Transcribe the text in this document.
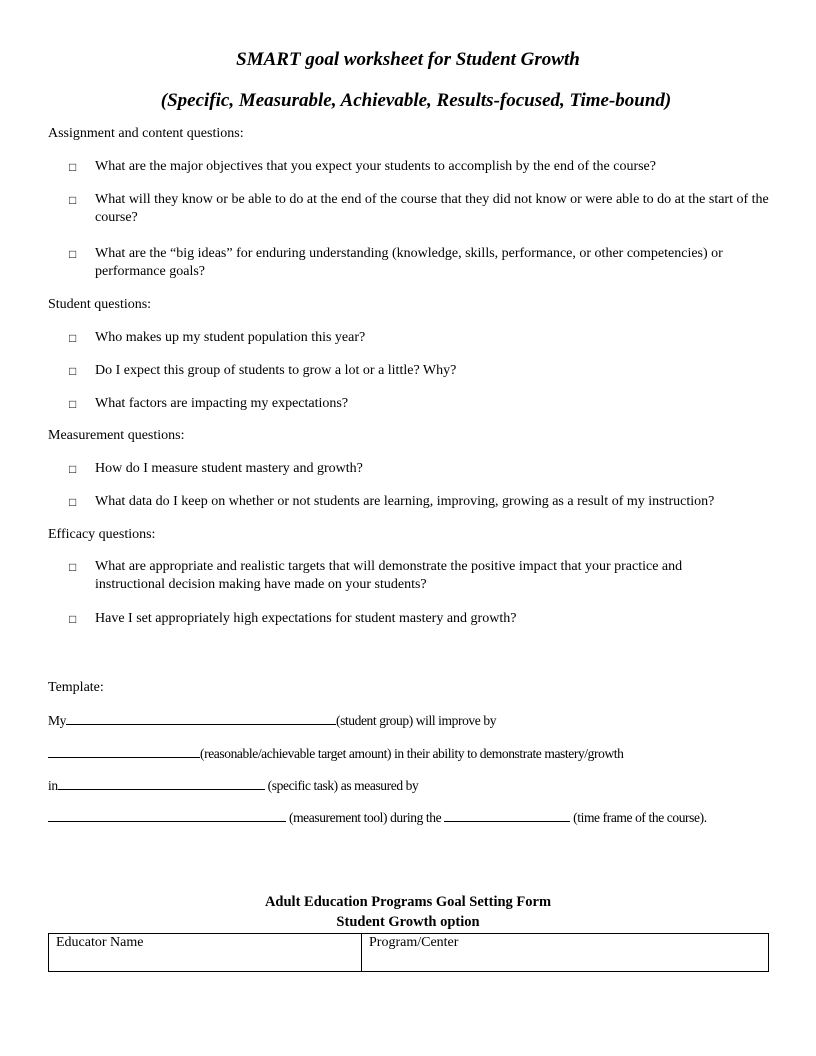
SMART goal worksheet for Student Growth
(Specific, Measurable, Achievable, Results-focused, Time-bound)
Assignment and content questions:
□ What are the major objectives that you expect your students to accomplish by the end of the course?
□ What will they know or be able to do at the end of the course that they did not know or were able to do at the start of the course?
□ What are the “big ideas” for enduring understanding (knowledge, skills, performance, or other competencies) or performance goals?
Student questions:
□ Who makes up my student population this year?
□ Do I expect this group of students to grow a lot or a little? Why?
□ What factors are impacting my expectations?
Measurement questions:
□ How do I measure student mastery and growth?
□ What data do I keep on whether or not students are learning, improving, growing as a result of my instruction?
Efficacy questions:
□ What are appropriate and realistic targets that will demonstrate the positive impact that your practice and instructional decision making have made on your students?
□ Have I set appropriately high expectations for student mastery and growth?
Template:
My	(student group) will improve by
(reasonable/achievable target amount) in their ability to demonstrate mastery/growth
in	(specific task) as measured by
(measurement tool) during the	(time frame of the course).
Adult Education Programs Goal Setting Form
Student Growth option
Educator Name	Program/Center
